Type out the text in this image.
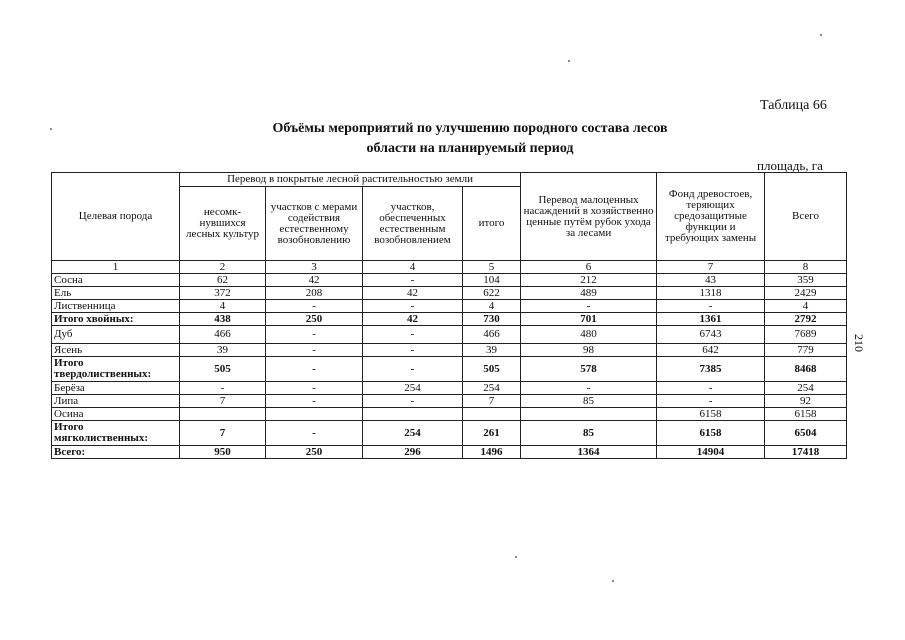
Таблица 66
Объёмы мероприятий по улучшению породного состава лесов
области на планируемый период
площадь, га
210
Целевая порода	Перевод в покрытые лесной растительностью земли				Перевод малоценных насаждений в хозяйственно ценные путём рубок ухода за лесами	Фонд древостоев, теряющих средозащитные функции и требующих замены	Всего
	несомк-нувшихся лесных культур	участков с мерами содействия естественному возобновлению	участков, обеспеченных естественным возобновлением	итого			
1	2	3	4	5	6	7	8
Сосна	62	42	-	104	212	43	359
Ель	372	208	42	622	489	1318	2429
Лиственница	4	-	-	4	-	-	4
Итого хвойных:	438	250	42	730	701	1361	2792
Дуб	466	-	-	466	480	6743	7689
Ясень	39	-	-	39	98	642	779
Итого твердолиственных:	505	-	-	505	578	7385	8468
Берёза	-	-	254	254	-	-	254
Липа	7	-	-	7	85	-	92
Осина						6158	6158
Итого мягколиственных:	7	-	254	261	85	6158	6504
Всего:	950	250	296	1496	1364	14904	17418
